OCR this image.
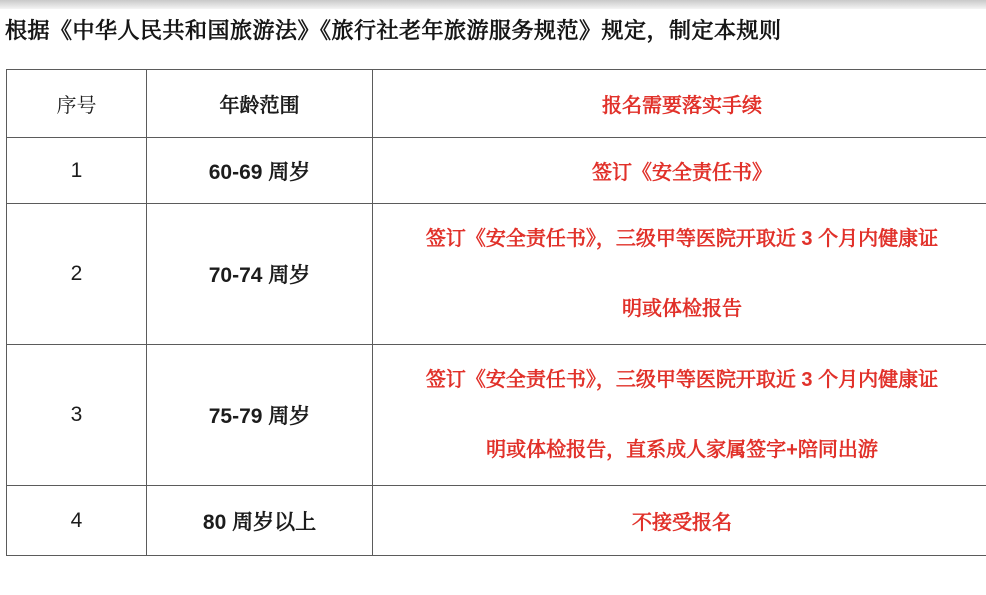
根据《中华人民共和国旅游法》《旅行社老年旅游服务规范》规定，制定本规则
序号	年龄范围	报名需要落实手续
1	60-69 周岁	签订《安全责任书》

2	70-74 周岁	签订《安全责任书》，三级甲等医院开取近 3 个月内健康证
明或体检报告

3	75-79 周岁	签订《安全责任书》，三级甲等医院开取近 3 个月内健康证
明或体检报告，直系成人家属签字+陪同出游

4	80 周岁以上	不接受报名
